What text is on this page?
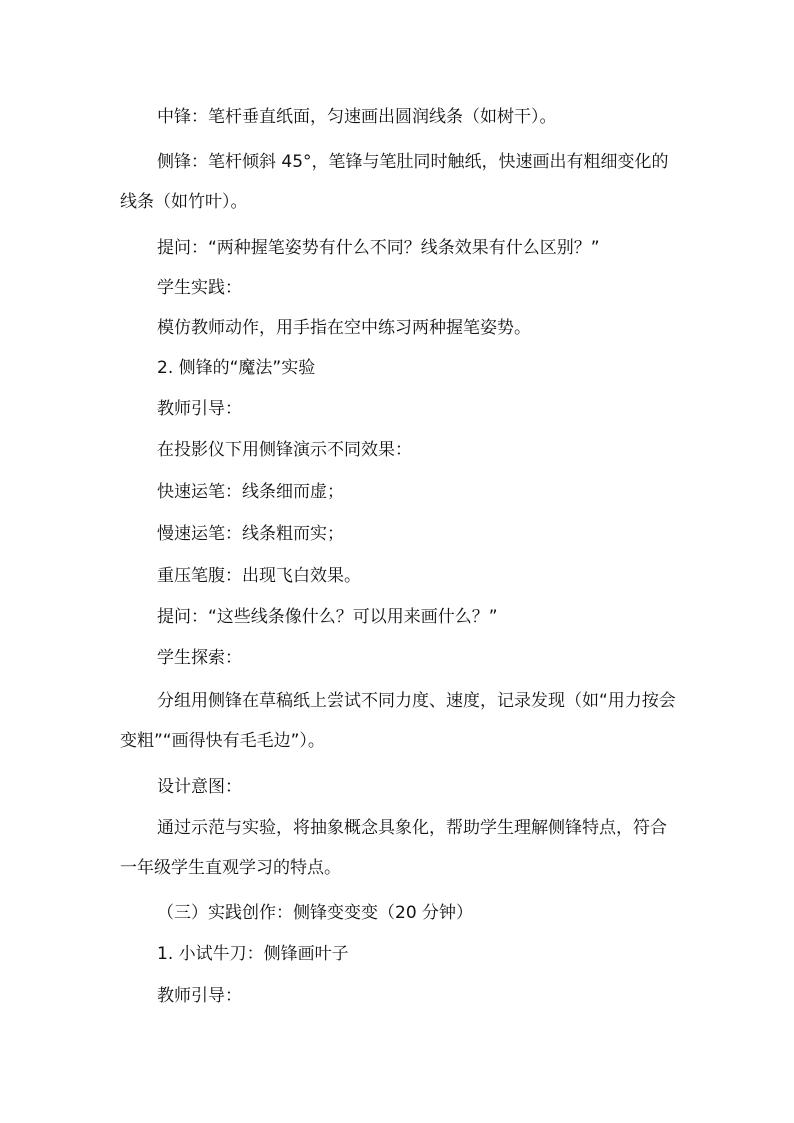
中锋：笔杆垂直纸面，匀速画出圆润线条（如树干）。

侧锋：笔杆倾斜 45°，笔锋与笔肚同时触纸，快速画出有粗细变化的线条（如竹叶）。

提问：“两种握笔姿势有什么不同？线条效果有什么区别？”

学生实践：

模仿教师动作，用手指在空中练习两种握笔姿势。

2. 侧锋的“魔法”实验

教师引导：

在投影仪下用侧锋演示不同效果：

快速运笔：线条细而虚；

慢速运笔：线条粗而实；

重压笔腹：出现飞白效果。

提问：“这些线条像什么？可以用来画什么？”

学生探索：

分组用侧锋在草稿纸上尝试不同力度、速度，记录发现（如“用力按会变粗”“画得快有毛毛边”）。

设计意图：

通过示范与实验，将抽象概念具象化，帮助学生理解侧锋特点，符合一年级学生直观学习的特点。

（三）实践创作：侧锋变变变（20 分钟）

1. 小试牛刀：侧锋画叶子

教师引导：
